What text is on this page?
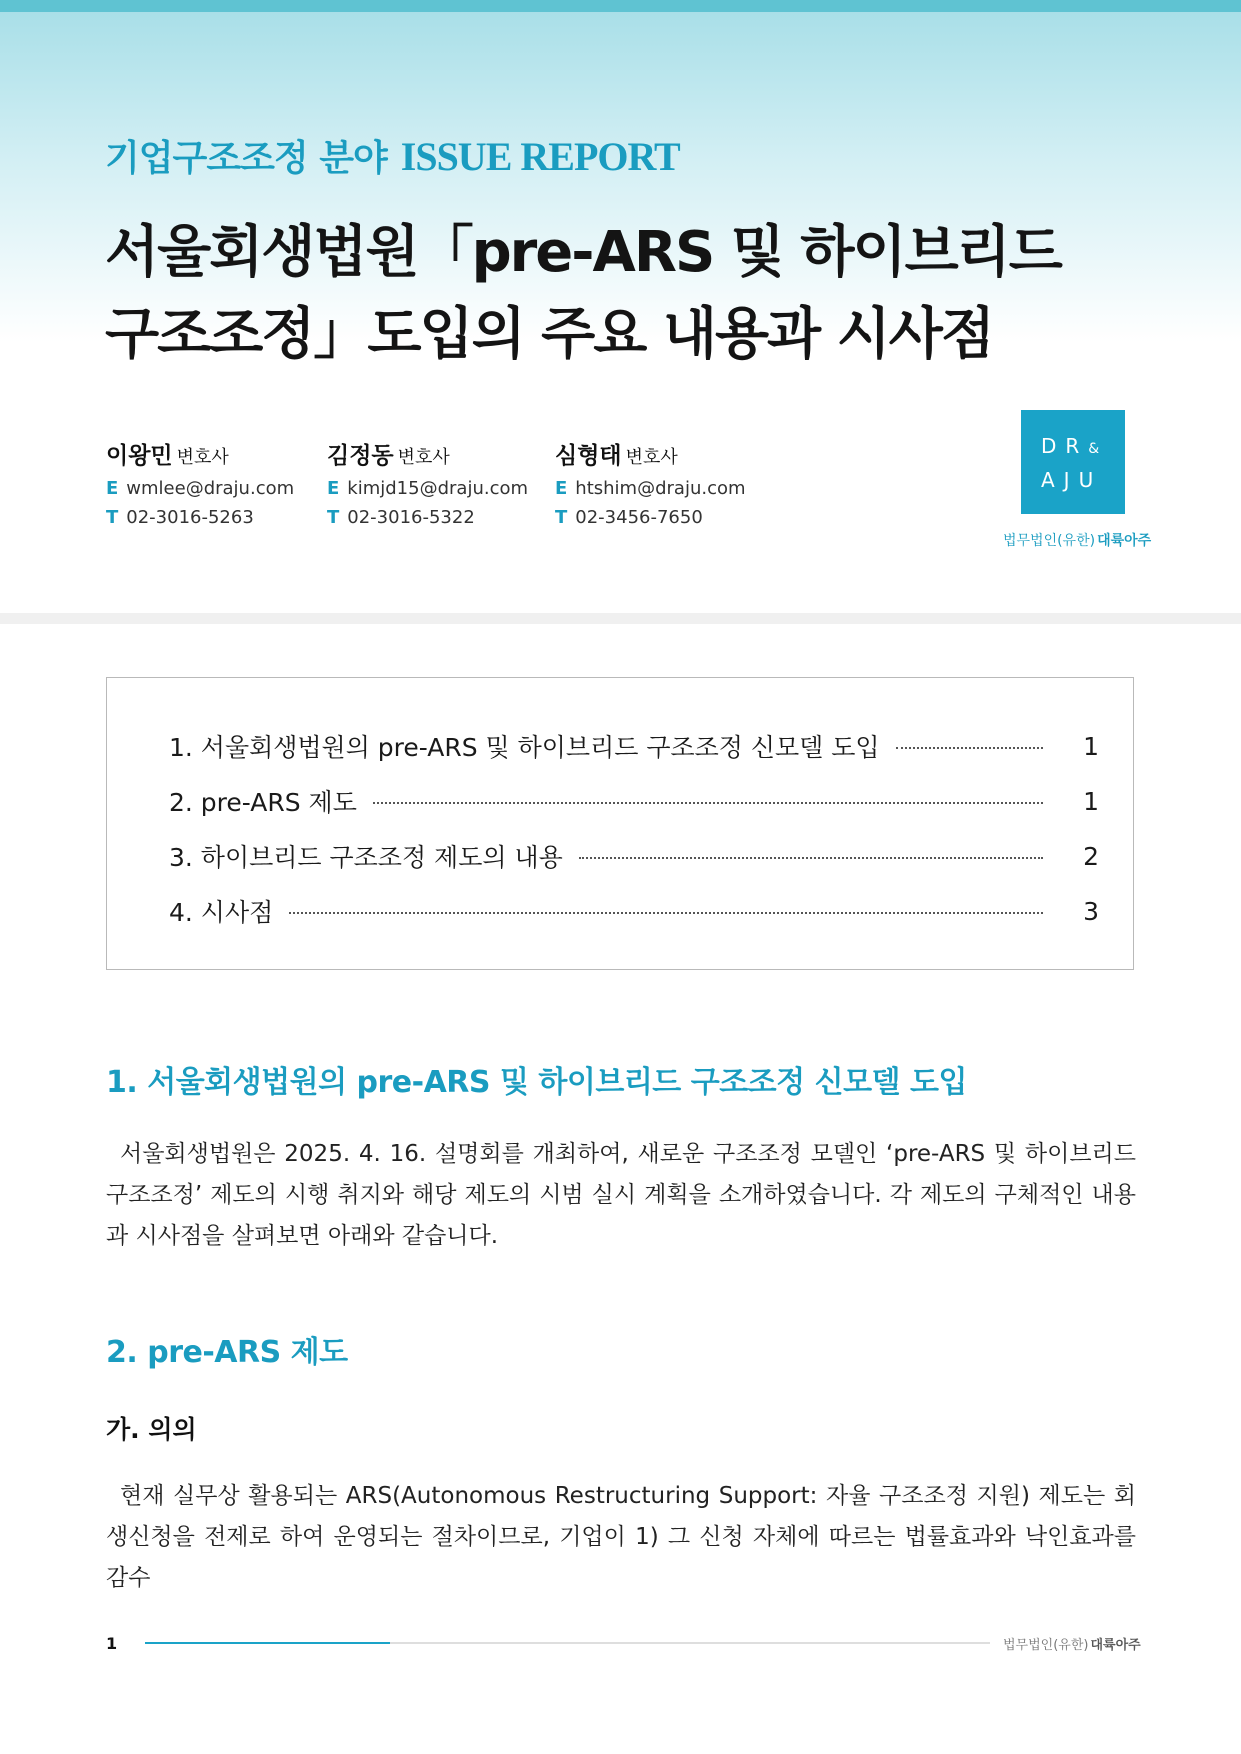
기업구조조정 분야 ISSUE REPORT
서울회생법원「pre-ARS 및 하이브리드
구조조정」도입의 주요 내용과 시사점
이왕민 변호사
E wmlee@draju.com
T 02-3016-5263
김정동 변호사
E kimjd15@draju.com
T 02-3016-5322
심형태 변호사
E htshim@draju.com
T 02-3456-7650
DR&
AJU
법무법인(유한) 대륙아주
1. 서울회생법원의 pre-ARS 및 하이브리드 구조조정 신모델 도입	1
2. pre-ARS 제도	1
3. 하이브리드 구조조정 제도의 내용	2
4. 시사점	3
1. 서울회생법원의 pre-ARS 및 하이브리드 구조조정 신모델 도입
서울회생법원은 2025. 4. 16. 설명회를 개최하여, 새로운 구조조정 모델인 ‘pre-ARS 및 하이브리드 구조조정’ 제도의 시행 취지와 해당 제도의 시범 실시 계획을 소개하였습니다. 각 제도의 구체적인 내용과 시사점을 살펴보면 아래와 같습니다.
2. pre-ARS 제도
가. 의의
현재 실무상 활용되는 ARS(Autonomous Restructuring Support: 자율 구조조정 지원) 제도는 회생신청을 전제로 하여 운영되는 절차이므로, 기업이 1) 그 신청 자체에 따르는 법률효과와 낙인효과를 감수
1	법무법인(유한) 대륙아주
